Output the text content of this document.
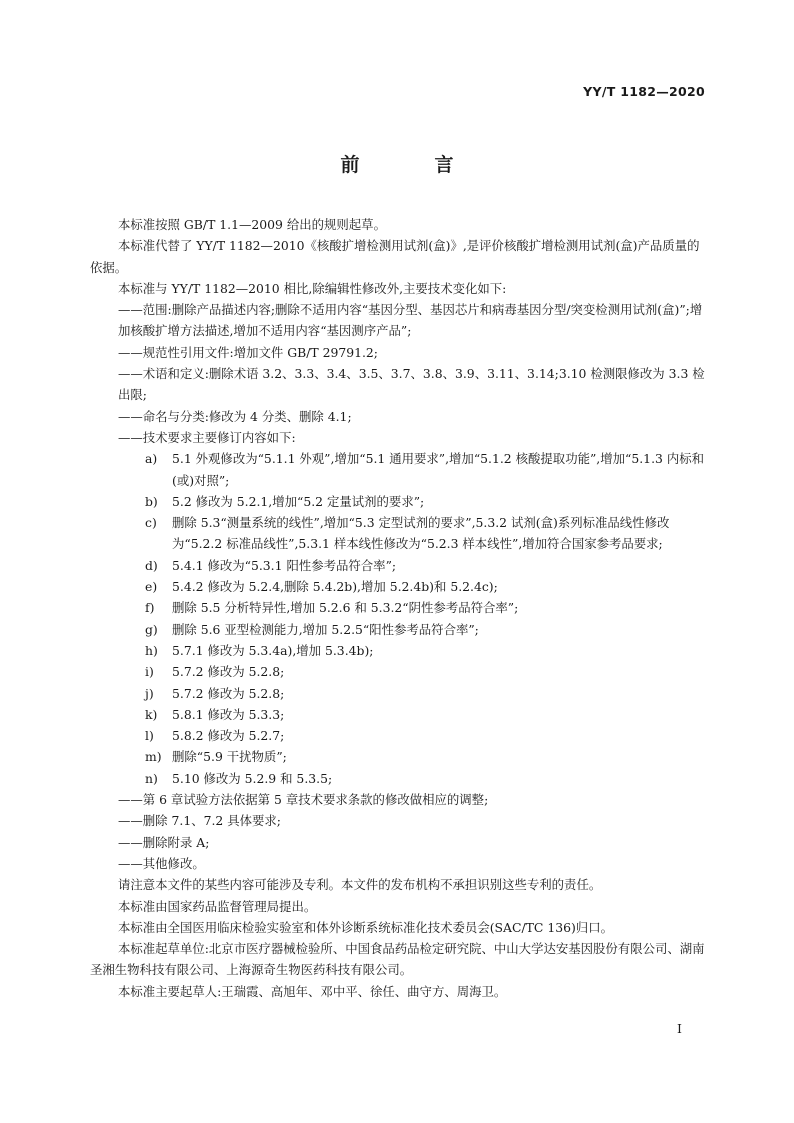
YY/T 1182—2020
前　言

本标准按照 GB/T 1.1—2009 给出的规则起草。

本标准代替了 YY/T 1182—2010《核酸扩增检测用试剂(盒)》,是评价核酸扩增检测用试剂(盒)产品质量的依据。

本标准与 YY/T 1182—2010 相比,除编辑性修改外,主要技术变化如下:

——范围:删除产品描述内容;删除不适用内容“基因分型、基因芯片和病毒基因分型/突变检测用试剂(盒)”;增加核酸扩增方法描述,增加不适用内容“基因测序产品”;

——规范性引用文件:增加文件 GB/T 29791.2;

——术语和定义:删除术语 3.2、3.3、3.4、3.5、3.7、3.8、3.9、3.11、3.14;3.10 检测限修改为 3.3 检出限;

——命名与分类:修改为 4 分类、删除 4.1;

——技术要求主要修订内容如下:

a) 5.1 外观修改为“5.1.1 外观”,增加“5.1 通用要求”,增加“5.1.2 核酸提取功能”,增加“5.1.3 内标和(或)对照”;

b) 5.2 修改为 5.2.1,增加“5.2 定量试剂的要求”;

c) 删除 5.3“测量系统的线性”,增加“5.3 定型试剂的要求”,5.3.2 试剂(盒)系列标准品线性修改为“5.2.2 标准品线性”,5.3.1 样本线性修改为“5.2.3 样本线性”,增加符合国家参考品要求;

d) 5.4.1 修改为“5.3.1 阳性参考品符合率”;

e) 5.4.2 修改为 5.2.4,删除 5.4.2b),增加 5.2.4b)和 5.2.4c);

f) 删除 5.5 分析特异性,增加 5.2.6 和 5.3.2“阴性参考品符合率”;

g) 删除 5.6 亚型检测能力,增加 5.2.5“阳性参考品符合率”;

h) 5.7.1 修改为 5.3.4a),增加 5.3.4b);

i) 5.7.2 修改为 5.2.8;

j) 5.7.2 修改为 5.2.8;

k) 5.8.1 修改为 5.3.3;

l) 5.8.2 修改为 5.2.7;

m) 删除“5.9 干扰物质”;

n) 5.10 修改为 5.2.9 和 5.3.5;

——第 6 章试验方法依据第 5 章技术要求条款的修改做相应的调整;

——删除 7.1、7.2 具体要求;

——删除附录 A;

——其他修改。

请注意本文件的某些内容可能涉及专利。本文件的发布机构不承担识别这些专利的责任。

本标准由国家药品监督管理局提出。

本标准由全国医用临床检验实验室和体外诊断系统标准化技术委员会(SAC/TC 136)归口。

本标准起草单位:北京市医疗器械检验所、中国食品药品检定研究院、中山大学达安基因股份有限公司、湖南圣湘生物科技有限公司、上海源奇生物医药科技有限公司。

本标准主要起草人:王瑞霞、高旭年、邓中平、徐任、曲守方、周海卫。

I
